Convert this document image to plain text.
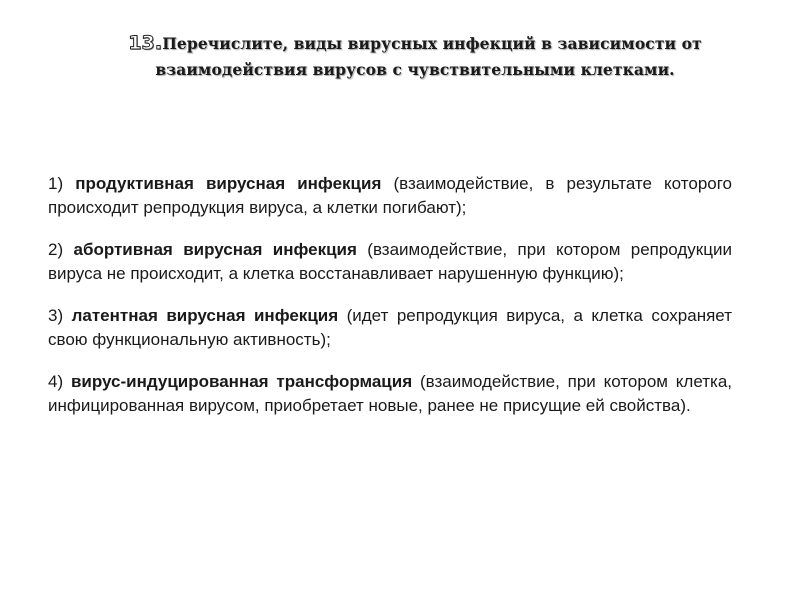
13.Перечислите, виды вирусных инфекций в зависимости от взаимодействия вирусов с чувствительными клетками.
1) продуктивная вирусная инфекция (взаимодействие, в результате которого происходит репродукция вируса, а клетки погибают);
2) абортивная вирусная инфекция (взаимодействие, при котором репродукции вируса не происходит, а клетка восстанавливает нарушенную функцию);
3) латентная вирусная инфекция (идет репродукция вируса, а клетка сохраняет свою функциональную активность);
4) вирус-индуцированная трансформация (взаимодействие, при котором клетка, инфицированная вирусом, приобретает новые, ранее не присущие ей свойства).
